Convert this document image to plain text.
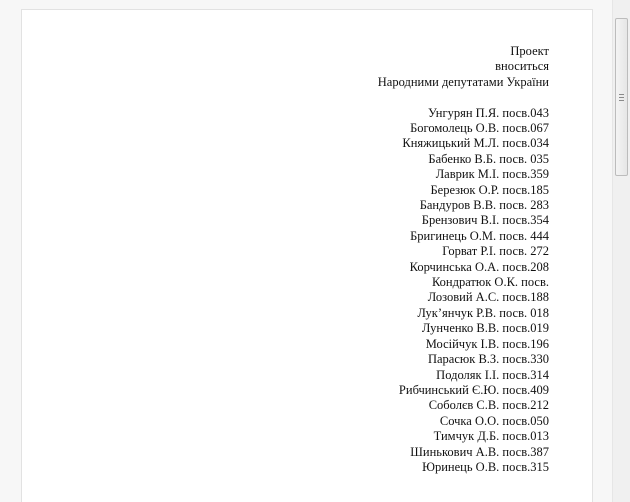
Проект
вноситься
Народними депутатами України
Унгурян П.Я. посв.043
Богомолець О.В. посв.067
Княжицький М.Л. посв.034
Бабенко В.Б. посв. 035
Лаврик М.І. посв.359
Березюк О.Р. посв.185
Бандуров В.В. посв. 283
Брензович В.І. посв.354
Бригинець О.М. посв. 444
Горват Р.І. посв. 272
Корчинська О.А. посв.208
Кондратюк О.К. посв.
Лозовий А.С. посв.188
Лук’янчук Р.В. посв. 018
Лунченко В.В. посв.019
Мосійчук І.В. посв.196
Парасюк В.З. посв.330
Подоляк І.І. посв.314
Рибчинський Є.Ю. посв.409
Соболєв С.В. посв.212
Сочка О.О. посв.050
Тимчук Д.Б. посв.013
Шинькович А.В. посв.387
Юринець О.В. посв.315
